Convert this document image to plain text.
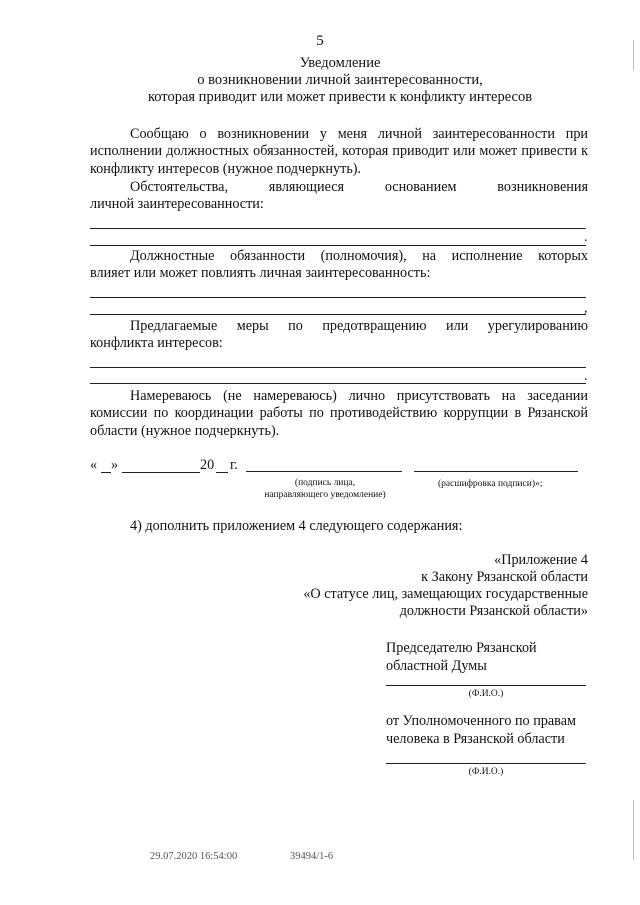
5
Уведомление
о возникновении личной заинтересованности,
которая приводит или может привести к конфликту интересов
Сообщаю о возникновении у меня личной заинтересованности при исполнении должностных обязанностей, которая приводит или может привести к конфликту интересов (нужное подчеркнуть).
Обстоятельства, являющиеся основанием возникновения
личной заинтересованности:
.
Должностные обязанности (полномочия), на исполнение которых
влияет или может повлиять личная заинтересованность:
,
Предлагаемые меры по предотвращению или урегулированию
конфликта интересов:
.
Намереваюсь (не намереваюсь) лично присутствовать на заседании комиссии по координации работы по противодействию коррупции в Рязанской области (нужное подчеркнуть).
« »	20 г.
(подпись лица,
направляющего уведомление)
(расшифровка подписи)»;
4) дополнить приложением 4 следующего содержания:
«Приложение 4
к Закону Рязанской области
«О статусе лиц, замещающих государственные
должности Рязанской области»
Председателю Рязанской
областной Думы
(Ф.И.О.)
от Уполномоченного по правам
человека в Рязанской области
(Ф.И.О.)
29.07.2020 16:54:00	39494/1-6
